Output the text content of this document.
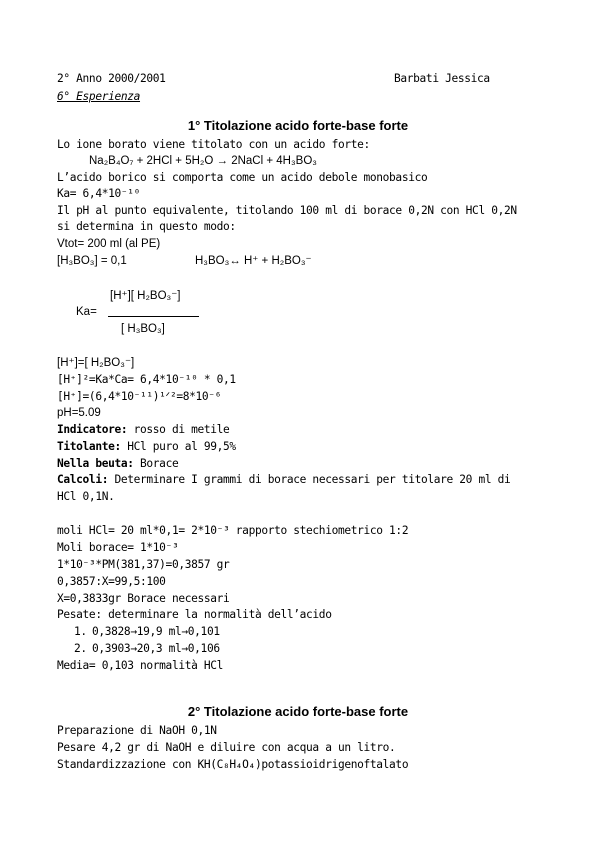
2° Anno 2000/2001	Barbati Jessica
6° Esperienza
1° Titolazione acido forte-base forte
Lo ione borato viene titolato con un acido forte:
Na₂B₄O₇ + 2HCl + 5H₂O → 2NaCl + 4H₃BO₃
L’acido borico si comporta come un acido debole monobasico
Ka= 6,4*10⁻¹⁰
Il pH al punto equivalente, titolando 100 ml di borace 0,2N con HCl 0,2N
si determina in questo modo:
Vtot= 200 ml (al PE)
[H₃BO₃] = 0,1	H₃BO₃↔ H⁺ + H₂BO₃⁻
[H⁺][ H₂BO₃⁻]
Ka=
[ H₃BO₃]
[H⁺]=[ H₂BO₃⁻]
[H⁺]²=Ka*Ca= 6,4*10⁻¹⁰ * 0,1
[H⁺]=(6,4*10⁻¹¹)¹ᐟ²=8*10⁻⁶
pH=5.09
Indicatore: rosso di metile
Titolante: HCl puro al 99,5%
Nella beuta: Borace
Calcoli: Determinare I grammi di borace necessari per titolare 20 ml di
HCl 0,1N.
moli HCl= 20 ml*0,1= 2*10⁻³ rapporto stechiometrico 1:2
Moli borace= 1*10⁻³
1*10⁻³*PM(381,37)=0,3857 gr
0,3857:X=99,5:100
X=0,3833gr Borace necessari
Pesate: determinare la normalità dell’acido
1. 0,3828→19,9 ml→0,101
2. 0,3903→20,3 ml→0,106
Media= 0,103 normalità HCl
2° Titolazione acido forte-base forte
Preparazione di NaOH 0,1N
Pesare 4,2 gr di NaOH e diluire con acqua a un litro.
Standardizzazione con KH(C₈H₄O₄)potassioidrigenoftalato
